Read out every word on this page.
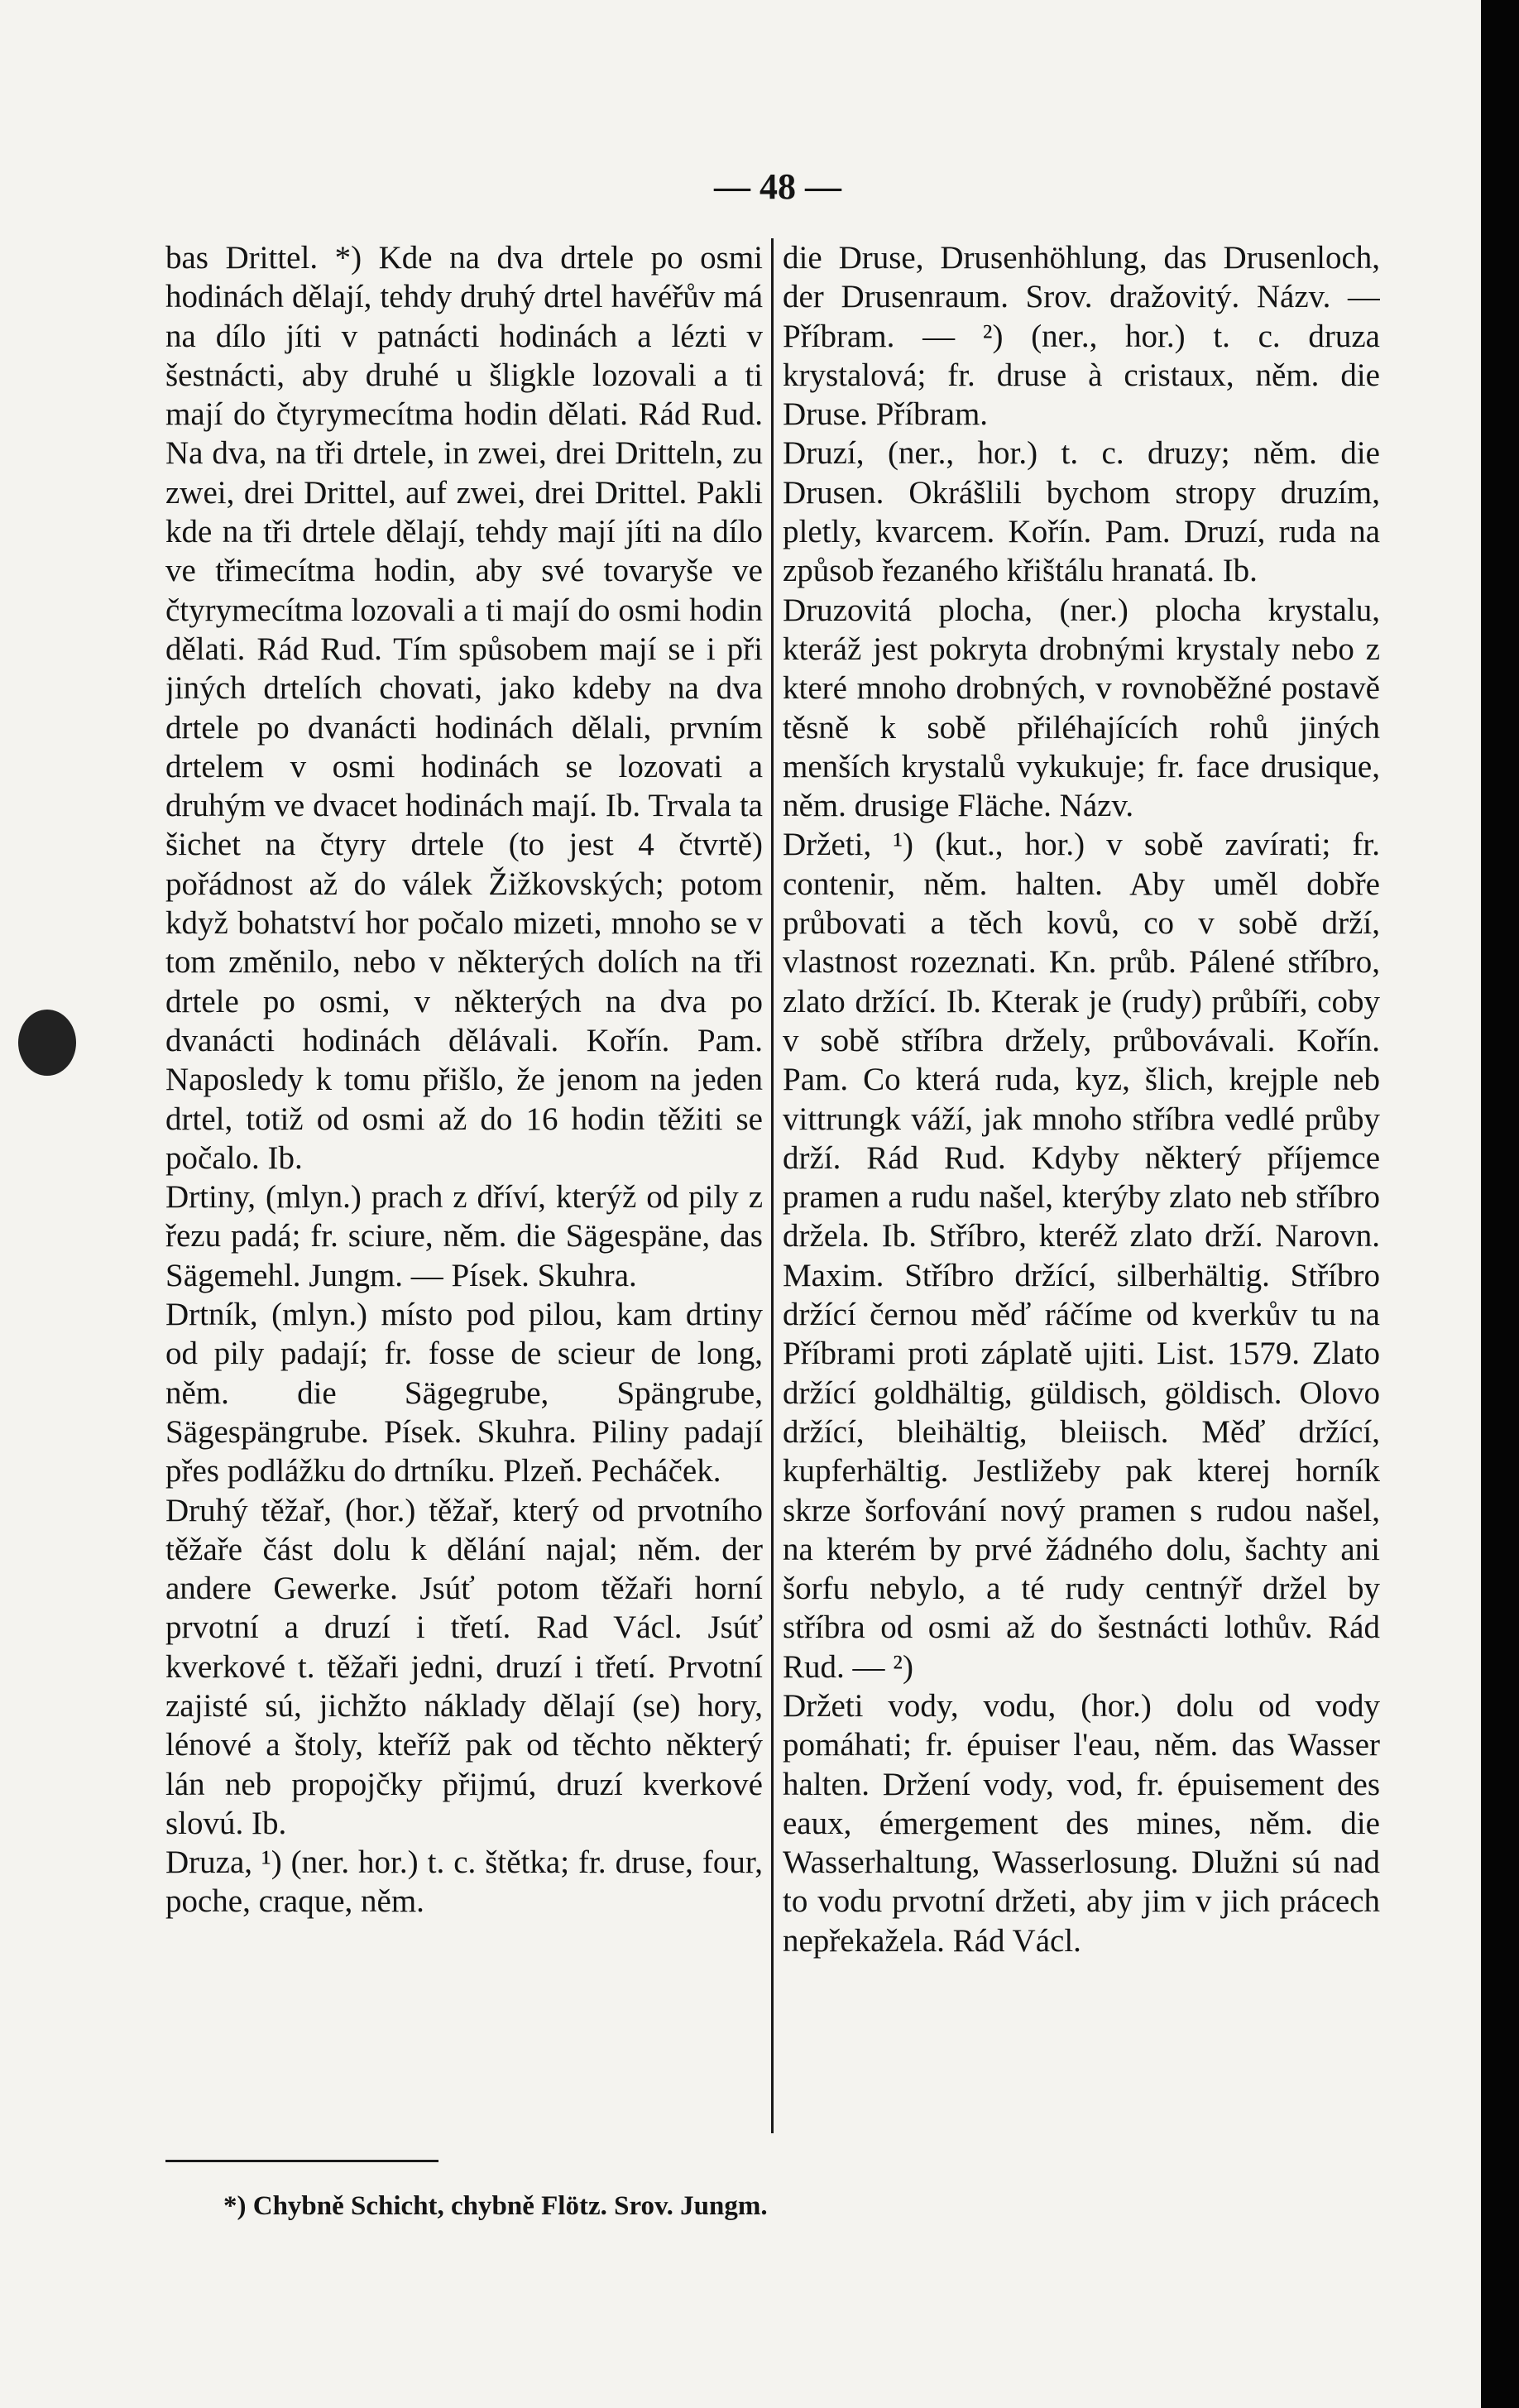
— 48 —

bas Drittel. *) Kde na dva drtele po osmi hodinách dělají, tehdy druhý drtel havéřův má na dílo jíti v patnácti hodinách a lézti v šestnácti, aby druhé u šligkle lozovali a ti mají do čtyrymecítma hodin dělati. Rád Rud. Na dva, na tři drtele, in zwei, drei Dritteln, zu zwei, drei Drittel, auf zwei, drei Drittel. Pakli kde na tři drtele dělají, tehdy mají jíti na dílo ve třimecítma hodin, aby své tovaryše ve čtyrymecítma lozovali a ti mají do osmi hodin dělati. Rád Rud. Tím spůsobem mají se i při jiných drtelích chovati, jako kdeby na dva drtele po dvanácti hodinách dělali, prvním drtelem v osmi hodinách se lozovati a druhým ve dvacet hodinách mají. Ib. Trvala ta šichet na čtyry drtele (to jest 4 čtvrtě) pořádnost až do válek Žižkovských; potom když bohatství hor počalo mizeti, mnoho se v tom změnilo, nebo v některých dolích na tři drtele po osmi, v některých na dva po dvanácti hodinách dělávali. Kořín. Pam. Naposledy k tomu přišlo, že jenom na jeden drtel, totiž od osmi až do 16 hodin těžiti se počalo. Ib.

Drtiny, (mlyn.) prach z dříví, kterýž od pily z řezu padá; fr. sciure, něm. die Sägespäne, das Sägemehl. Jungm. — Písek. Skuhra.

Drtník, (mlyn.) místo pod pilou, kam drtiny od pily padají; fr. fosse de scieur de long, něm. die Sägegrube, Spängrube, Sägespängrube. Písek. Skuhra. Piliny padají přes podlážku do drtníku. Plzeň. Pecháček.

Druhý těžař, (hor.) těžař, který od prvotního těžaře část dolu k dělání najal; něm. der andere Gewerke. Jsúť potom těžaři horní prvotní a druzí i třetí. Rad Václ. Jsúť kverkové t. těžaři jedni, druzí i třetí. Prvotní zajisté sú, jichžto náklady dělají (se) hory, lénové a štoly, kteříž pak od těchto některý lán neb propojčky přijmú, druzí kverkové slovú. Ib.

Druza, ¹) (ner. hor.) t. c. štětka; fr. druse, four, poche, craque, něm.

die Druse, Drusenhöhlung, das Drusenloch, der Drusenraum. Srov. dražovitý. Názv. — Příbram. — ²) (ner., hor.) t. c. druza krystalová; fr. druse à cristaux, něm. die Druse. Příbram.

Druzí, (ner., hor.) t. c. druzy; něm. die Drusen. Okrášlili bychom stropy druzím, pletly, kvarcem. Kořín. Pam. Druzí, ruda na způsob řezaného křištálu hranatá. Ib.

Druzovitá plocha, (ner.) plocha krystalu, kteráž jest pokryta drobnými krystaly nebo z které mnoho drobných, v rovnoběžné postavě těsně k sobě přiléhajících rohů jiných menších krystalů vykukuje; fr. face drusique, něm. drusige Fläche. Názv.

Držeti, ¹) (kut., hor.) v sobě zavírati; fr. contenir, něm. halten. Aby uměl dobře průbovati a těch kovů, co v sobě drží, vlastnost rozeznati. Kn. průb. Pálené stříbro, zlato držící. Ib. Kterak je (rudy) průbíři, coby v sobě stříbra držely, průbovávali. Kořín. Pam. Co která ruda, kyz, šlich, krejple neb vittrungk váží, jak mnoho stříbra vedlé průby drží. Rád Rud. Kdyby některý příjemce pramen a rudu našel, kterýby zlato neb stříbro držela. Ib. Stříbro, kteréž zlato drží. Narovn. Maxim. Stříbro držící, silberhältig. Stříbro držící černou měď ráčíme od kverkův tu na Příbrami proti záplatě ujiti. List. 1579. Zlato držící goldhältig, güldisch, göldisch. Olovo držící, bleihältig, bleiisch. Měď držící, kupferhältig. Jestližeby pak kterej horník skrze šorfování nový pramen s rudou našel, na kterém by prvé žádného dolu, šachty ani šorfu nebylo, a té rudy centnýř držel by stříbra od osmi až do šestnácti lothův. Rád Rud. — ²)

Držeti vody, vodu, (hor.) dolu od vody pomáhati; fr. épuiser l'eau, něm. das Wasser halten. Držení vody, vod, fr. épuisement des eaux, émergement des mines, něm. die Wasserhaltung, Wasserlosung. Dlužni sú nad to vodu prvotní držeti, aby jim v jich prácech nepřekažela. Rád Václ.

*) Chybně Schicht, chybně Flötz. Srov. Jungm.
